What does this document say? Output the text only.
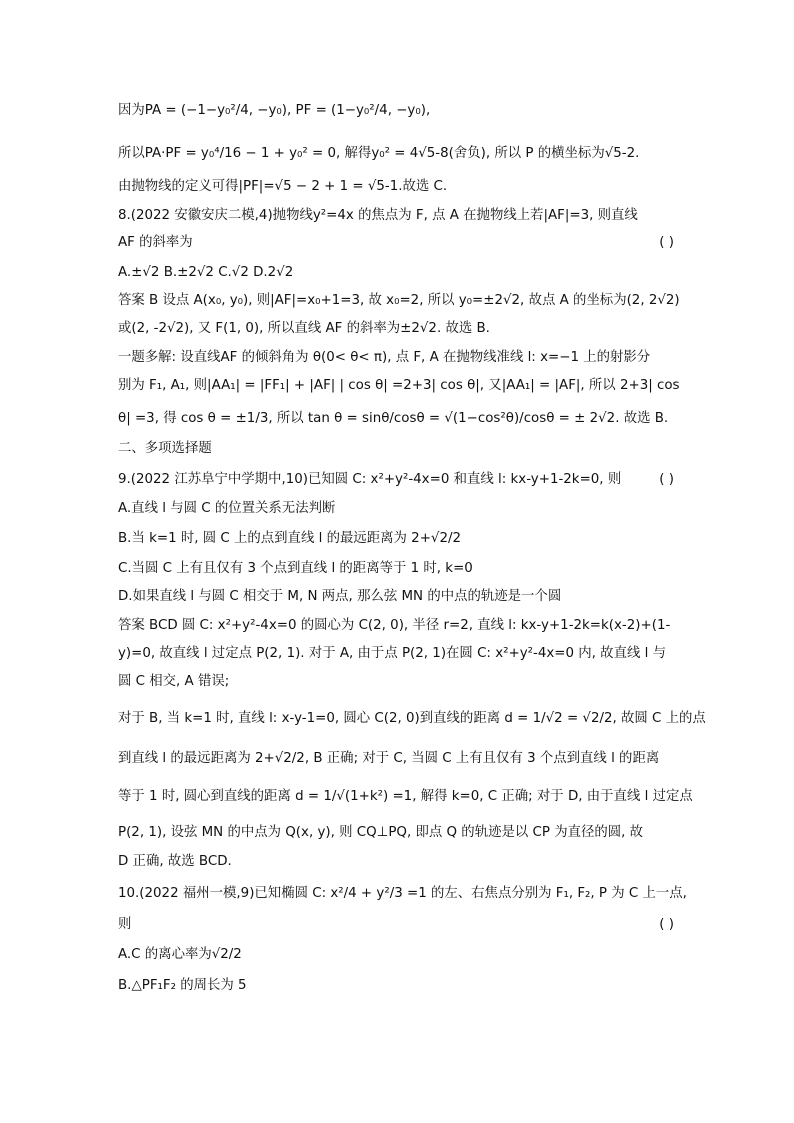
因为PA = (−1−y₀²/4, −y₀), PF = (1−y₀²/4, −y₀),
所以PA·PF = y₀⁴/16 − 1 + y₀² = 0, 解得y₀² = 4√5-8(舍负), 所以 P 的横坐标为√5-2.
由抛物线的定义可得|PF|=√5 − 2 + 1 = √5-1.故选 C.
8.(2022 安徽安庆二模,4)抛物线y²=4x 的焦点为 F, 点 A 在抛物线上若|AF|=3, 则直线
AF 的斜率为	( )
A.±√2 B.±2√2 C.√2 D.2√2
答案 B 设点 A(x₀, y₀), 则|AF|=x₀+1=3, 故 x₀=2, 所以 y₀=±2√2, 故点 A 的坐标为(2, 2√2)
或(2, -2√2), 又 F(1, 0), 所以直线 AF 的斜率为±2√2. 故选 B.
一题多解: 设直线AF 的倾斜角为 θ(0< θ< π), 点 F, A 在抛物线准线 l: x=−1 上的射影分
别为 F₁, A₁, 则|AA₁| = |FF₁| + |AF| | cos θ| =2+3| cos θ|, 又|AA₁| = |AF|, 所以 2+3| cos
θ| =3, 得 cos θ = ±1/3, 所以 tan θ = sinθ/cosθ = √(1−cos²θ)/cosθ = ± 2√2. 故选 B.
二、多项选择题
9.(2022 江苏阜宁中学期中,10)已知圆 C: x²+y²-4x=0 和直线 l: kx-y+1-2k=0, 则	( )
A.直线 l 与圆 C 的位置关系无法判断
B.当 k=1 时, 圆 C 上的点到直线 l 的最远距离为 2+√2/2
C.当圆 C 上有且仅有 3 个点到直线 l 的距离等于 1 时, k=0
D.如果直线 l 与圆 C 相交于 M, N 两点, 那么弦 MN 的中点的轨迹是一个圆
答案 BCD 圆 C: x²+y²-4x=0 的圆心为 C(2, 0), 半径 r=2, 直线 l: kx-y+1-2k=k(x-2)+(1-
y)=0, 故直线 l 过定点 P(2, 1). 对于 A, 由于点 P(2, 1)在圆 C: x²+y²-4x=0 内, 故直线 l 与
圆 C 相交, A 错误;
对于 B, 当 k=1 时, 直线 l: x-y-1=0, 圆心 C(2, 0)到直线的距离 d = 1/√2 = √2/2, 故圆 C 上的点
到直线 l 的最远距离为 2+√2/2, B 正确; 对于 C, 当圆 C 上有且仅有 3 个点到直线 l 的距离
等于 1 时, 圆心到直线的距离 d = 1/√(1+k²) =1, 解得 k=0, C 正确; 对于 D, 由于直线 l 过定点
P(2, 1), 设弦 MN 的中点为 Q(x, y), 则 CQ⊥PQ, 即点 Q 的轨迹是以 CP 为直径的圆, 故
D 正确, 故选 BCD.
10.(2022 福州一模,9)已知椭圆 C: x²/4 + y²/3 =1 的左、右焦点分别为 F₁, F₂, P 为 C 上一点,
则	( )
A.C 的离心率为√2/2
B.△PF₁F₂ 的周长为 5
